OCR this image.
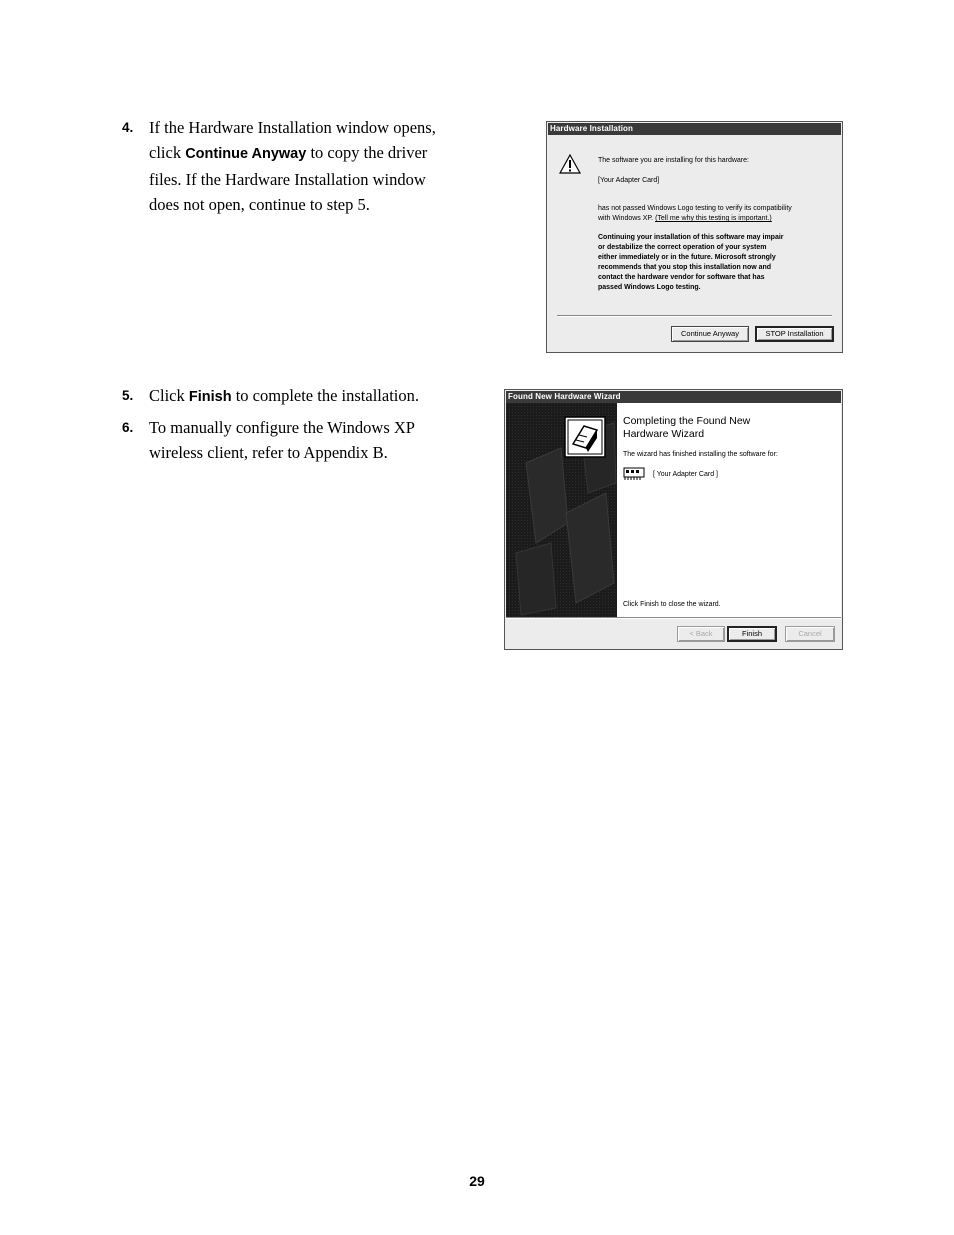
4. If the Hardware Installation window opens, click Continue Anyway to copy the driver files. If the Hardware Installation window does not open, continue to step 5.
5. Click Finish to complete the installation.
6. To manually configure the Windows XP wireless client, refer to Appendix B.
Hardware Installation
The software you are installing for this hardware:
[Your Adapter Card]
has not passed Windows Logo testing to verify its compatibility
with Windows XP. (Tell me why this testing is important.)
Continuing your installation of this software may impair
or destabilize the correct operation of your system
either immediately or in the future. Microsoft strongly
recommends that you stop this installation now and
contact the hardware vendor for software that has
passed Windows Logo testing.
Continue Anyway	STOP Installation
Found New Hardware Wizard
Completing the Found New
Hardware Wizard
The wizard has finished installing the software for:
[ Your Adapter Card ]
Click Finish to close the wizard.
< Back	Finish	Cancel
29
